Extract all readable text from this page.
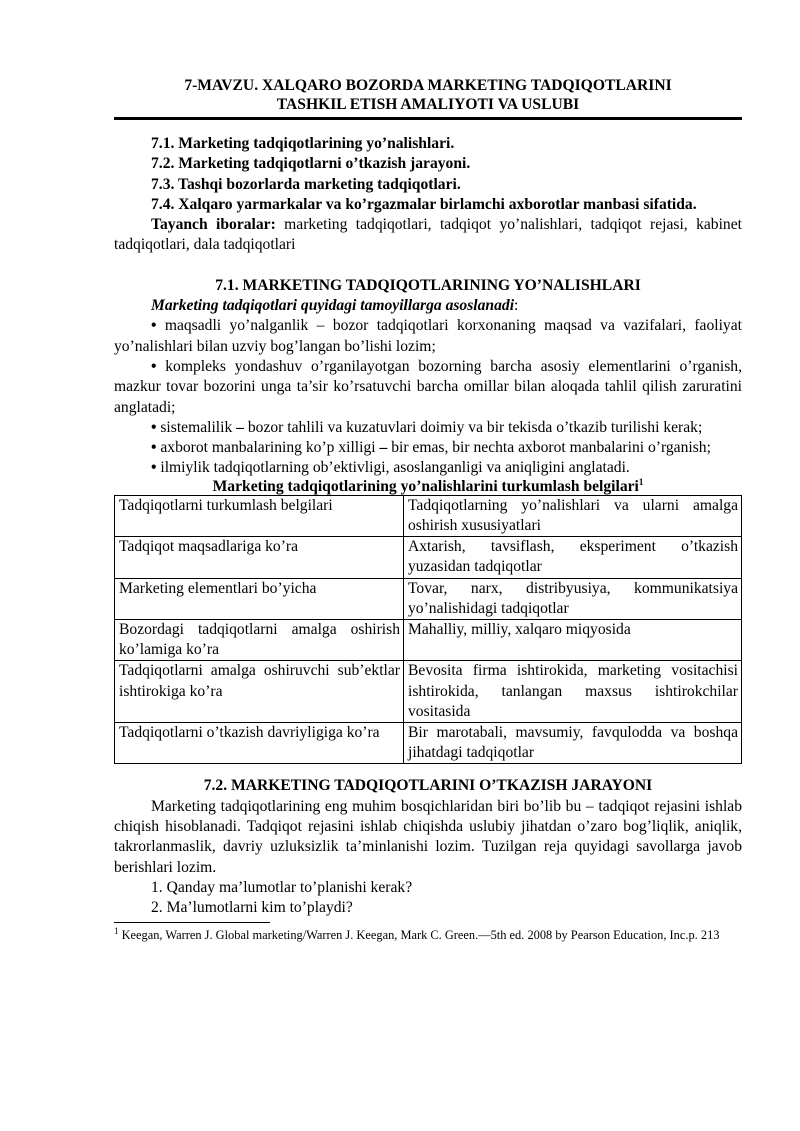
7-MAVZU. XALQARO BOZORDA MARKETING TADQIQOTLARINI
TASHKIL ETISH AMALIYOTI VA USLUBI

7.1. Marketing tadqiqotlarining yo’nalishlari.

7.2. Marketing tadqiqotlarni o’tkazish jarayoni.

7.3. Tashqi bozorlarda marketing tadqiqotlari.

7.4. Xalqaro yarmarkalar va ko’rgazmalar birlamchi axborotlar manbasi sifatida.

Tayanch iboralar: marketing tadqiqotlari, tadqiqot yo’nalishlari, tadqiqot rejasi, kabinet tadqiqotlari, dala tadqiqotlari

7.1. MARKETING TADQIQOTLARINING YO’NALISHLARI

Marketing tadqiqotlari quyidagi tamoyillarga asoslanadi:

• maqsadli yo’nalganlik – bozor tadqiqotlari korxonaning maqsad va vazifalari, faoliyat yo’nalishlari bilan uzviy bog’langan bo’lishi lozim;

• kompleks yondashuv o’rganilayotgan bozorning barcha asosiy elementlarini o’rganish, mazkur tovar bozorini unga ta’sir ko’rsatuvchi barcha omillar bilan aloqada tahlil qilish zaruratini anglatadi;

• sistemalilik – bozor tahlili va kuzatuvlari doimiy va bir tekisda o’tkazib turilishi kerak;

• axborot manbalarining ko’p xilligi – bir emas, bir nechta axborot manbalarini o’rganish;

• ilmiylik tadqiqotlarning ob’ektivligi, asoslanganligi va aniqligini anglatadi.

Marketing tadqiqotlarining yo’nalishlarini turkumlash belgilari$^1$

Tadqiqotlarni turkumlash belgilari	Tadqiqotlarning yo’nalishlari va ularni amalga oshirish xususiyatlari
Tadqiqot maqsadlariga ko’ra	Axtarish, tavsiflash, eksperiment o’tkazish yuzasidan tadqiqotlar
Marketing elementlari bo’yicha	Tovar, narx, distribyusiya, kommunikatsiya yo’nalishidagi tadqiqotlar
Bozordagi tadqiqotlarni amalga oshirish ko’lamiga ko’ra	Mahalliy, milliy, xalqaro miqyosida
Tadqiqotlarni amalga oshiruvchi sub’ektlar ishtirokiga ko’ra	Bevosita firma ishtirokida, marketing vositachisi ishtirokida, tanlangan maxsus ishtirokchilar vositasida
Tadqiqotlarni o’tkazish davriyligiga ko’ra	Bir marotabali, mavsumiy, favqulodda va boshqa jihatdagi tadqiqotlar

7.2. MARKETING TADQIQOTLARINI O’TKAZISH JARAYONI

Marketing tadqiqotlarining eng muhim bosqichlaridan biri bo’lib bu – tadqiqot rejasini ishlab chiqish hisoblanadi. Tadqiqot rejasini ishlab chiqishda uslubiy jihatdan o’zaro bog’liqlik, aniqlik, takrorlanmaslik, davriy uzluksizlik ta’minlanishi lozim. Tuzilgan reja quyidagi savollarga javob berishlari lozim.

1. Qanday ma’lumotlar to’planishi kerak?
2. Ma’lumotlarni kim to’playdi?

$^1$ Keegan, Warren J. Global marketing/Warren J. Keegan, Mark C. Green.—5th ed. 2008 by Pearson Education, Inc.p. 213
